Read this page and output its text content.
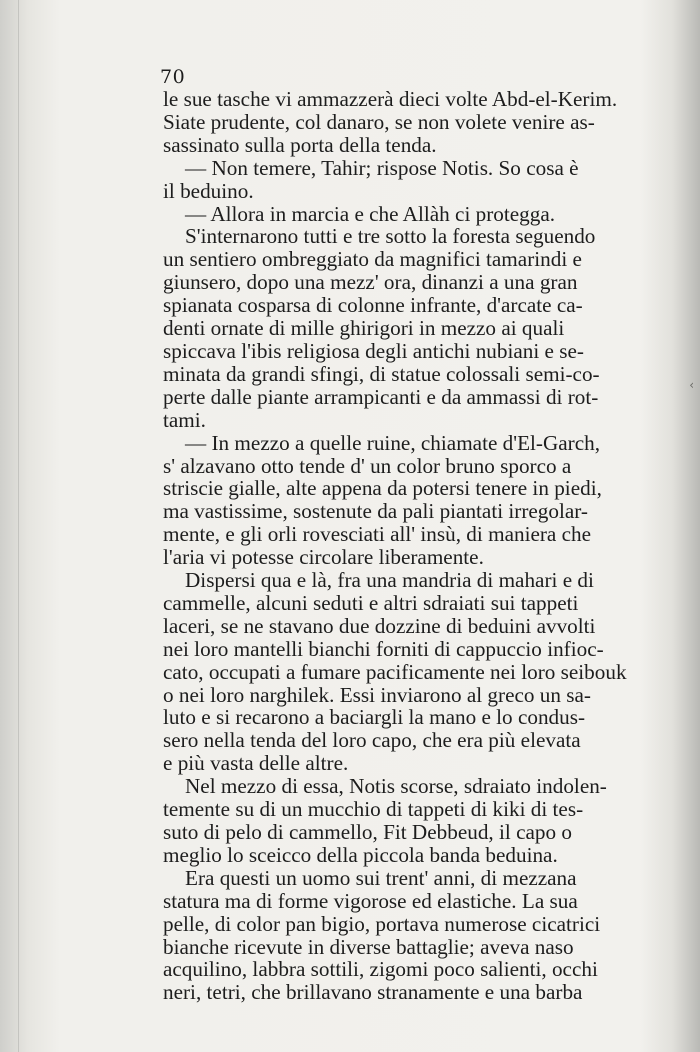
70
le sue tasche vi ammazzerà dieci volte Abd-el-Kerim.
Siate prudente, col danaro, se non volete venire as-
sassinato sulla porta della tenda.
— Non temere, Tahir; rispose Notis. So cosa è
il beduino.
— Allora in marcia e che Allàh ci protegga.
S'internarono tutti e tre sotto la foresta seguendo
un sentiero ombreggiato da magnifici tamarindi e
giunsero, dopo una mezz' ora, dinanzi a una gran
spianata cosparsa di colonne infrante, d'arcate ca-
denti ornate di mille ghirigori in mezzo ai quali
spiccava l'ibis religiosa degli antichi nubiani e se-
minata da grandi sfingi, di statue colossali semi-co-
perte dalle piante arrampicanti e da ammassi di rot-
tami.
— In mezzo a quelle ruine, chiamate d'El-Garch,
s' alzavano otto tende d' un color bruno sporco a
striscie gialle, alte appena da potersi tenere in piedi,
ma vastissime, sostenute da pali piantati irregolar-
mente, e gli orli rovesciati all' insù, di maniera che
l'aria vi potesse circolare liberamente.
Dispersi qua e là, fra una mandria di mahari e di
cammelle, alcuni seduti e altri sdraiati sui tappeti
laceri, se ne stavano due dozzine di beduini avvolti
nei loro mantelli bianchi forniti di cappuccio infioc-
cato, occupati a fumare pacificamente nei loro seibouk
o nei loro narghilek. Essi inviarono al greco un sa-
luto e si recarono a baciargli la mano e lo condus-
sero nella tenda del loro capo, che era più elevata
e più vasta delle altre.
Nel mezzo di essa, Notis scorse, sdraiato indolen-
temente su di un mucchio di tappeti di kiki di tes-
suto di pelo di cammello, Fit Debbeud, il capo o
meglio lo sceicco della piccola banda beduina.
Era questi un uomo sui trent' anni, di mezzana
statura ma di forme vigorose ed elastiche. La sua
pelle, di color pan bigio, portava numerose cicatrici
bianche ricevute in diverse battaglie; aveva naso
acquilino, labbra sottili, zigomi poco salienti, occhi
neri, tetri, che brillavano stranamente e una barba
‹
